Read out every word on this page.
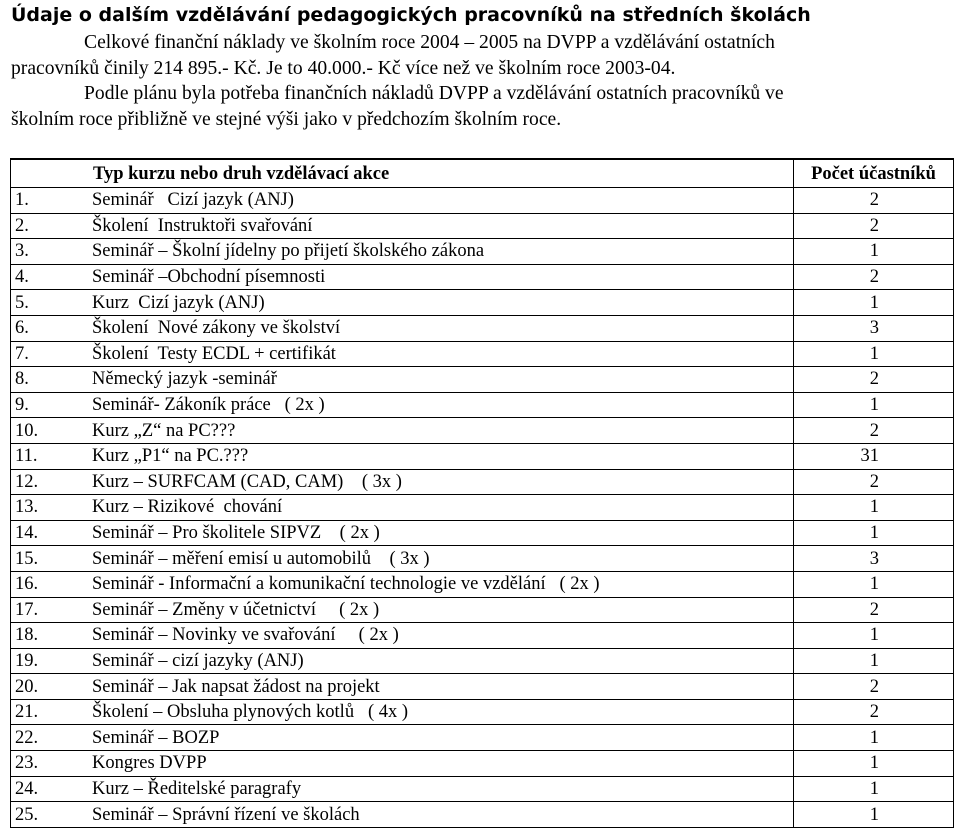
Údaje o dalším vzdělávání pedagogických pracovníků na středních školách
Celkové finanční náklady ve školním roce 2004 – 2005 na DVPP a vzdělávání ostatních
pracovníků činily 214 895.- Kč. Je to 40.000.- Kč více než ve školním roce 2003-04.
Podle plánu byla potřeba finančních nákladů DVPP a vzdělávání ostatních pracovníků ve
školním roce přibližně ve stejné výši jako v předchozím školním roce.
Typ kurzu nebo druh vzdělávací akce	Počet účastníků
1. Seminář   Cizí jazyk (ANJ)	2
2. Školení  Instruktoři svařování	2
3. Seminář – Školní jídelny po přijetí školského zákona	1
4. Seminář –Obchodní písemnosti	2
5. Kurz  Cizí jazyk (ANJ)	1
6. Školení  Nové zákony ve školství	3
7. Školení  Testy ECDL + certifikát	1
8. Německý jazyk -seminář	2
9. Seminář- Zákoník práce   ( 2x )	1
10. Kurz „Z“ na PC???	2
11. Kurz „P1“ na PC.???	31
12. Kurz – SURFCAM (CAD, CAM)    ( 3x )	2
13. Kurz – Rizikové  chování	1
14. Seminář – Pro školitele SIPVZ    ( 2x )	1
15. Seminář – měření emisí u automobilů    ( 3x )	3
16. Seminář - Informační a komunikační technologie ve vzdělání   ( 2x )	1
17. Seminář – Změny v účetnictví     ( 2x )	2
18. Seminář – Novinky ve svařování     ( 2x )	1
19. Seminář – cizí jazyky (ANJ)	1
20. Seminář – Jak napsat žádost na projekt	2
21. Školení – Obsluha plynových kotlů   ( 4x )	2
22. Seminář – BOZP	1
23. Kongres DVPP	1
24. Kurz – Ředitelské paragrafy	1
25. Seminář – Správní řízení ve školách	1
